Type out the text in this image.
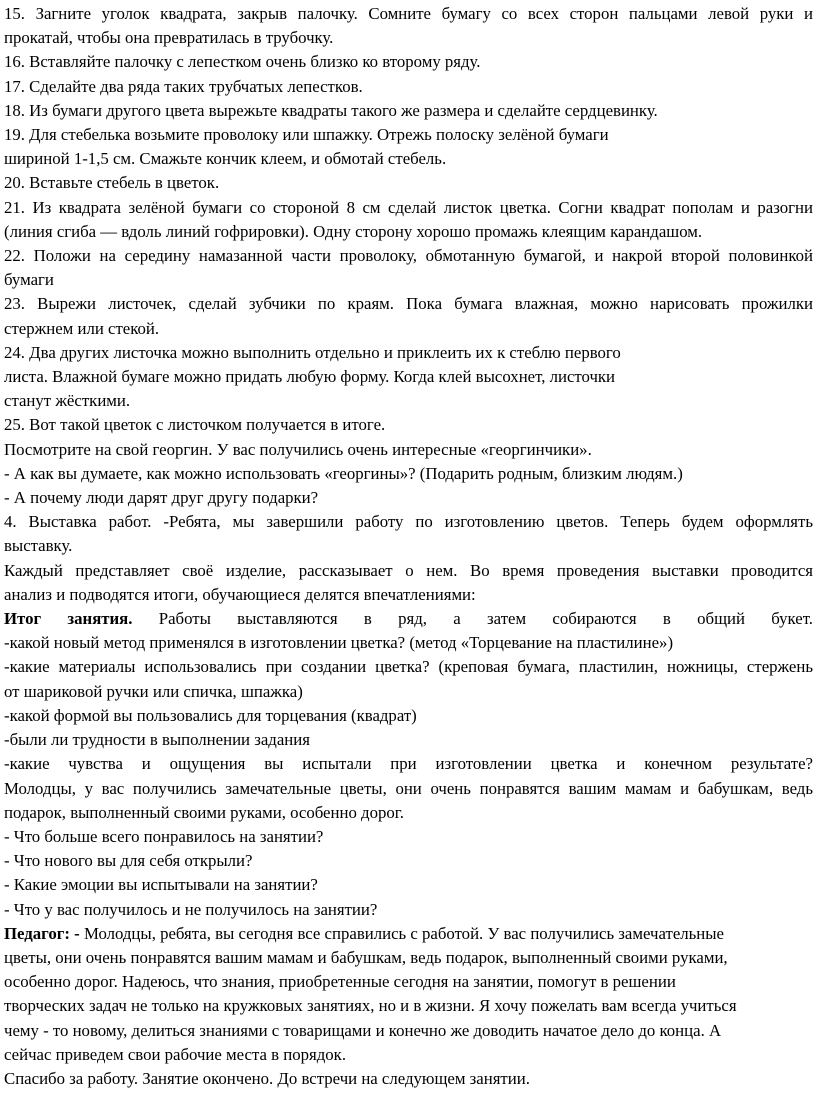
15. Загните уголок квадрата, закрыв палочку. Сомните бумагу со всех сторон пальцами левой руки и
прокатай, чтобы она превратилась в трубочку.
16. Вставляйте палочку с лепестком очень близко ко второму ряду.
17. Сделайте два ряда таких трубчатых лепестков.
18. Из бумаги другого цвета вырежьте квадраты такого же размера и сделайте сердцевинку.
19. Для стебелька возьмите проволоку или шпажку. Отрежь полоску зелёной бумаги
шириной 1-1,5 см. Смажьте кончик клеем, и обмотай стебель.
20. Вставьте стебель в цветок.
21. Из квадрата зелёной бумаги со стороной 8 см сделай листок цветка. Согни квадрат пополам и разогни
(линия сгиба — вдоль линий гофрировки). Одну сторону хорошо промажь клеящим карандашом.
22. Положи на середину намазанной части проволоку, обмотанную бумагой, и накрой второй половинкой
бумаги
23. Вырежи листочек, сделай зубчики по краям. Пока бумага влажная, можно нарисовать прожилки
стержнем или стекой.
24. Два других листочка можно выполнить отдельно и приклеить их к стеблю первого
листа. Влажной бумаге можно придать любую форму. Когда клей высохнет, листочки
станут жёсткими.
25. Вот такой цветок с листочком получается в итоге.
Посмотрите на свой георгин. У вас получились очень интересные «георгинчики».
- А как вы думаете, как можно использовать «георгины»? (Подарить родным, близким людям.)
- А почему люди дарят друг другу подарки?
4. Выставка работ. -Ребята, мы завершили работу по изготовлению цветов. Теперь будем оформлять
выставку.
Каждый представляет своё изделие, рассказывает о нем. Во время проведения выставки проводится
анализ и подводятся итоги, обучающиеся делятся впечатлениями:
Итог занятия. Работы выставляются в ряд, а затем собираются в общий букет.
-какой новый метод применялся в изготовлении цветка? (метод «Торцевание на пластилине»)
-какие материалы использовались при создании цветка? (креповая бумага, пластилин, ножницы, стержень
от шариковой ручки или спичка, шпажка)
-какой формой вы пользовались для торцевания (квадрат)
-были ли трудности в выполнении задания
-какие чувства и ощущения вы испытали при изготовлении цветка и конечном результате?
Молодцы, у вас получились замечательные цветы, они очень понравятся вашим мамам и бабушкам, ведь
подарок, выполненный своими руками, особенно дорог.
- Что больше всего понравилось на занятии?
- Что нового вы для себя открыли?
- Какие эмоции вы испытывали на занятии?
- Что у вас получилось и не получилось на занятии?
Педагог: - Молодцы, ребята, вы сегодня все справились с работой. У вас получились замечательные
цветы, они очень понравятся вашим мамам и бабушкам, ведь подарок, выполненный своими руками,
особенно дорог. Надеюсь, что знания, приобретенные сегодня на занятии, помогут в решении
творческих задач не только на кружковых занятиях, но и в жизни. Я хочу пожелать вам всегда учиться
чему - то новому, делиться знаниями с товарищами и конечно же доводить начатое дело до конца. А
сейчас приведем свои рабочие места в порядок.
Спасибо за работу. Занятие окончено. До встречи на следующем занятии.
